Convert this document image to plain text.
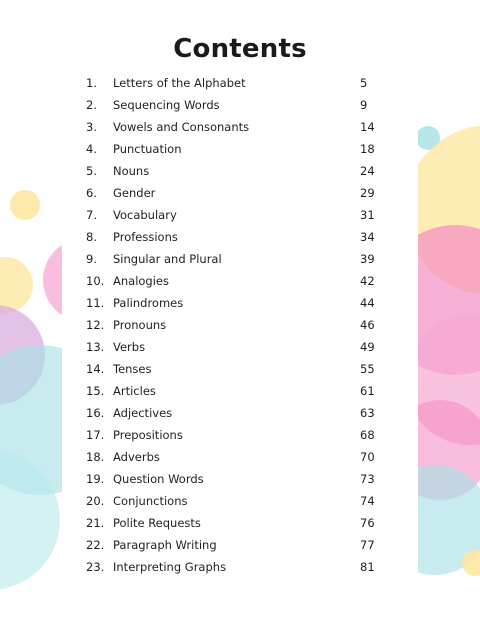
Contents
1. Letters of the Alphabet	5
2. Sequencing Words	9
3. Vowels and Consonants	14
4. Punctuation	18
5. Nouns	24
6. Gender	29
7. Vocabulary	31
8. Professions	34
9. Singular and Plural	39
10. Analogies	42
11. Palindromes	44
12. Pronouns	46
13. Verbs	49
14. Tenses	55
15. Articles	61
16. Adjectives	63
17. Prepositions	68
18. Adverbs	70
19. Question Words	73
20. Conjunctions	74
21. Polite Requests	76
22. Paragraph Writing	77
23. Interpreting Graphs	81
